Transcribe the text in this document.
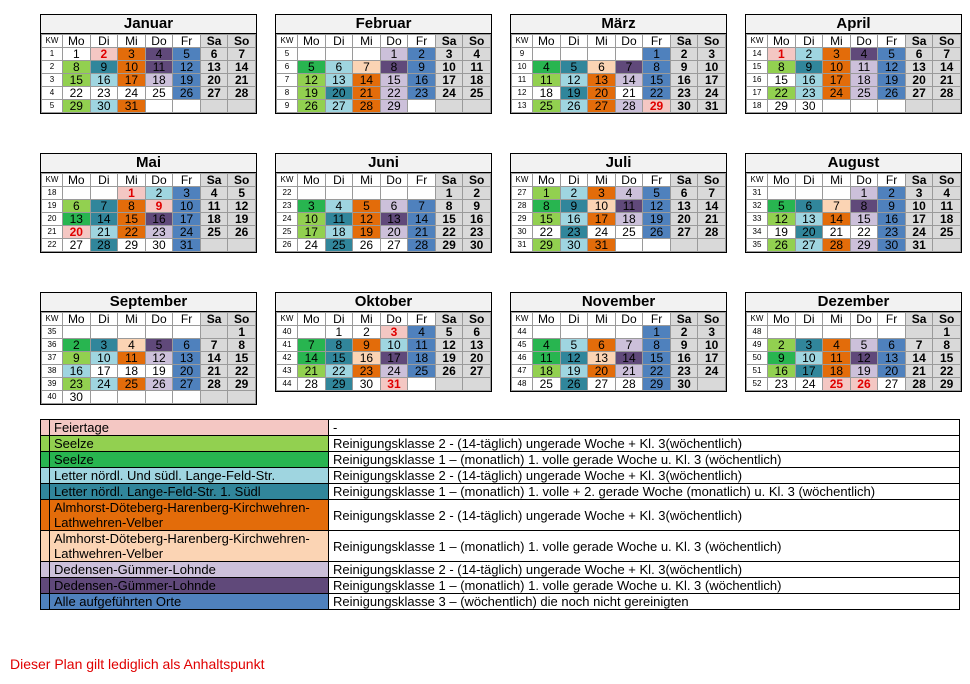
Januar
KW	Mo	Di	Mi	Do	Fr	Sa	So
1	1	2	3	4	5	6	7
2	8	9	10	11	12	13	14
3	15	16	17	18	19	20	21
4	22	23	24	25	26	27	28
5	29	30	31				
Februar
KW	Mo	Di	Mi	Do	Fr	Sa	So
5				1	2	3	4
6	5	6	7	8	9	10	11
7	12	13	14	15	16	17	18
8	19	20	21	22	23	24	25
9	26	27	28	29			
März
KW	Mo	Di	Mi	Do	Fr	Sa	So
9					1	2	3
10	4	5	6	7	8	9	10
11	11	12	13	14	15	16	17
12	18	19	20	21	22	23	24
13	25	26	27	28	29	30	31
April
KW	Mo	Di	Mi	Do	Fr	Sa	So
14	1	2	3	4	5	6	7
15	8	9	10	11	12	13	14
16	15	16	17	18	19	20	21
17	22	23	24	25	26	27	28
18	29	30					
Mai
KW	Mo	Di	Mi	Do	Fr	Sa	So
18			1	2	3	4	5
19	6	7	8	9	10	11	12
20	13	14	15	16	17	18	19
21	20	21	22	23	24	25	26
22	27	28	29	30	31		
Juni
KW	Mo	Di	Mi	Do	Fr	Sa	So
22						1	2
23	3	4	5	6	7	8	9
24	10	11	12	13	14	15	16
25	17	18	19	20	21	22	23
26	24	25	26	27	28	29	30
Juli
KW	Mo	Di	Mi	Do	Fr	Sa	So
27	1	2	3	4	5	6	7
28	8	9	10	11	12	13	14
29	15	16	17	18	19	20	21
30	22	23	24	25	26	27	28
31	29	30	31				
August
KW	Mo	Di	Mi	Do	Fr	Sa	So
31				1	2	3	4
32	5	6	7	8	9	10	11
33	12	13	14	15	16	17	18
34	19	20	21	22	23	24	25
35	26	27	28	29	30	31	
September
KW	Mo	Di	Mi	Do	Fr	Sa	So
35							1
36	2	3	4	5	6	7	8
37	9	10	11	12	13	14	15
38	16	17	18	19	20	21	22
39	23	24	25	26	27	28	29
40	30						
Oktober
KW	Mo	Di	Mi	Do	Fr	Sa	So
40		1	2	3	4	5	6
41	7	8	9	10	11	12	13
42	14	15	16	17	18	19	20
43	21	22	23	24	25	26	27
44	28	29	30	31			
November
KW	Mo	Di	Mi	Do	Fr	Sa	So
44					1	2	3
45	4	5	6	7	8	9	10
46	11	12	13	14	15	16	17
47	18	19	20	21	22	23	24
48	25	26	27	28	29	30	
Dezember
KW	Mo	Di	Mi	Do	Fr	Sa	So
48							1
49	2	3	4	5	6	7	8
50	9	10	11	12	13	14	15
51	16	17	18	19	20	21	22
52	23	24	25	26	27	28	29
	Feiertage	-
	Seelze	Reinigungsklasse 2 - (14-täglich) ungerade Woche + Kl. 3(wöchentlich)
	Seelze	Reinigungsklasse 1 – (monatlich) 1. volle gerade Woche u. Kl. 3 (wöchentlich)
	Letter nördl. Und südl. Lange-Feld-Str.	Reinigungsklasse 2 - (14-täglich) ungerade Woche + Kl. 3(wöchentlich)
	Letter nördl. Lange-Feld-Str. 1. Südl	Reinigungsklasse 1 – (monatlich) 1. volle + 2. gerade Woche (monatlich) u. Kl. 3 (wöchentlich)
	Almhorst-Döteberg-Harenberg-Kirchwehren-Lathwehren-Velber	Reinigungsklasse 2 - (14-täglich) ungerade Woche + Kl. 3(wöchentlich)
	Almhorst-Döteberg-Harenberg-Kirchwehren-Lathwehren-Velber	Reinigungsklasse 1 – (monatlich) 1. volle gerade Woche u. Kl. 3 (wöchentlich)
	Dedensen-Gümmer-Lohnde	Reinigungsklasse 2 - (14-täglich) ungerade Woche + Kl. 3(wöchentlich)
	Dedensen-Gümmer-Lohnde	Reinigungsklasse 1 – (monatlich) 1. volle gerade Woche u. Kl. 3 (wöchentlich)
	Alle aufgeführten Orte	Reinigungsklasse 3 – (wöchentlich) die noch nicht gereinigten
Dieser Plan gilt lediglich als Anhaltspunkt
